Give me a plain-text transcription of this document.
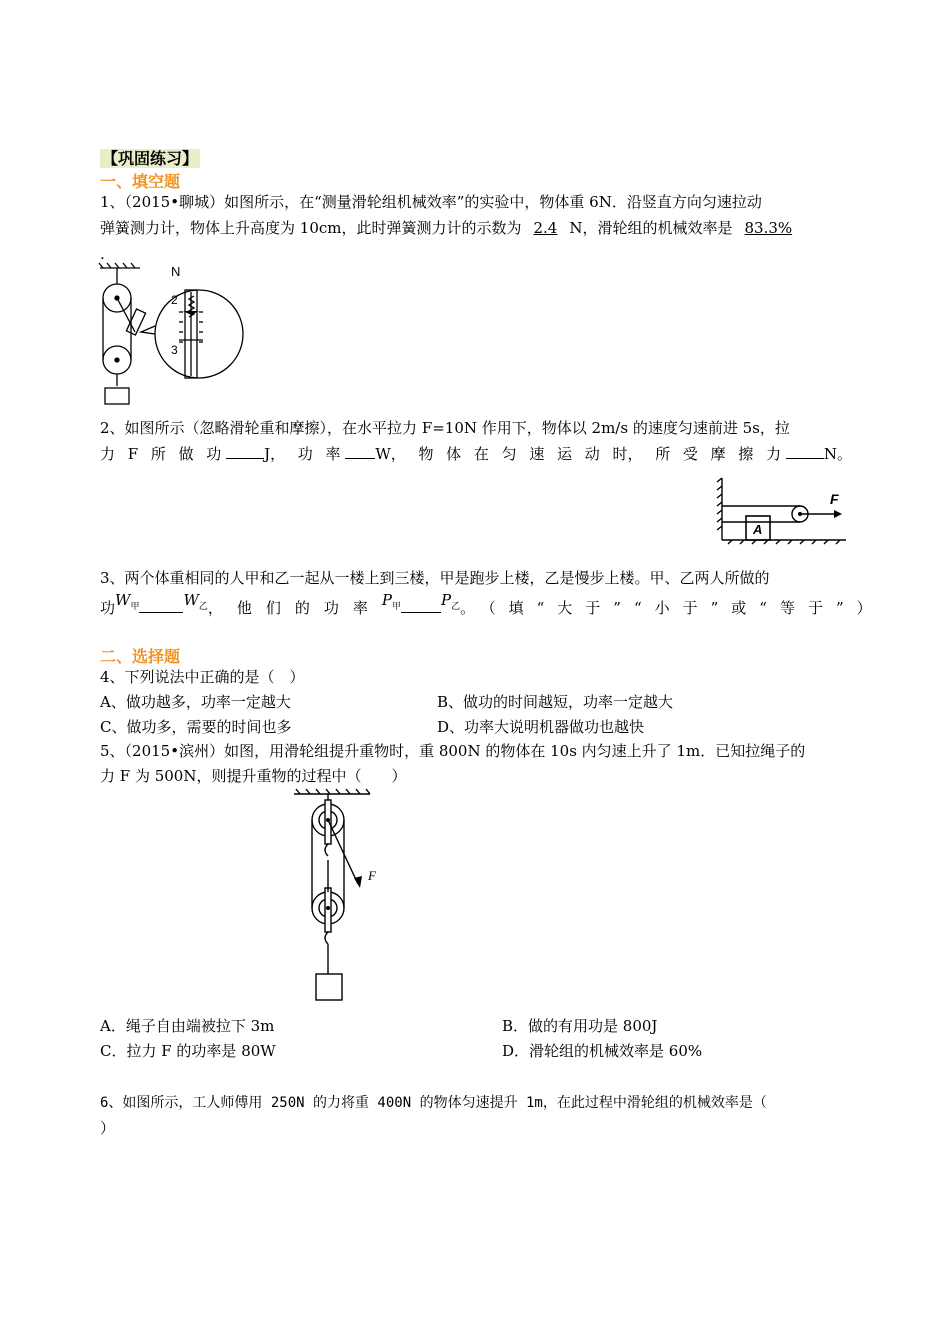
【巩固练习】
一、填空题
1、（2015•聊城）如图所示，在“测量滑轮组机械效率”的实验中，物体重 6N．沿竖直方向匀速拉动
弹簧测力计，物体上升高度为 10cm，此时弹簧测力计的示数为 2.4 N，滑轮组的机械效率是 83.3%
.
N
2
3
2、如图所示（忽略滑轮重和摩擦），在水平拉力 F=10N 作用下，物体以 2m/s 的速度匀速前进 5s，拉
力 F 所 做 功	J， 功 率 W， 物 体 在 匀 速 运 动 时， 所 受 摩 擦 力	N。
F
A
3、两个体重相同的人甲和乙一起从一楼上到三楼，甲是跑步上楼，乙是慢步上楼。甲、乙两人所做的
功 $W_甲$	$W_乙$ ，他们的功率 $P_甲$	$P_乙$ 。（填“大于”“小于”或“等于”）
二、选择题
4、下列说法中正确的是（　）
A、做功越多，功率一定越大	B、做功的时间越短，功率一定越大
C、做功多，需要的时间也多	D、功率大说明机器做功也越快
5、（2015•滨州）如图，用滑轮组提升重物时，重 800N 的物体在 10s 内匀速上升了 1m．已知拉绳子的
力 F 为 500N，则提升重物的过程中（　　）
F
A．绳子自由端被拉下 3m	B．做的有用功是 800J
C．拉力 F 的功率是 80W	D．滑轮组的机械效率是 60%
6、如图所示，工人师傅用 250N 的力将重 400N 的物体匀速提升 1m，在此过程中滑轮组的机械效率是（
）
